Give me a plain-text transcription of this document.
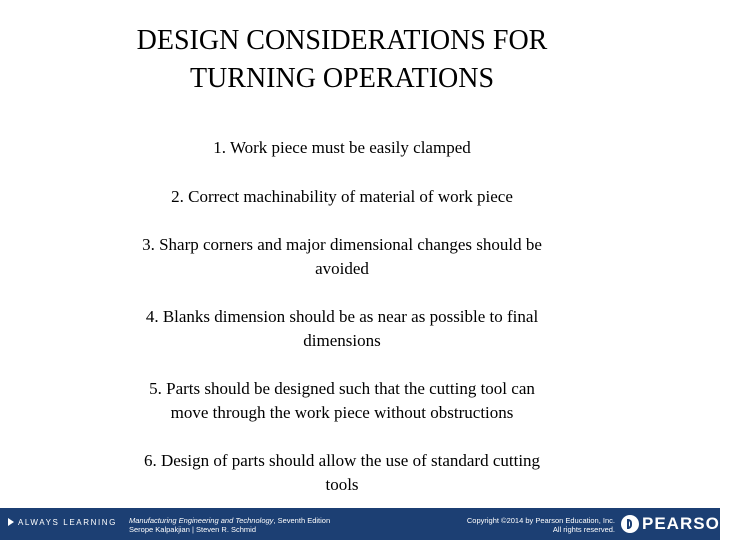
DESIGN CONSIDERATIONS FOR
TURNING OPERATIONS
1. Work piece must be easily clamped
2. Correct machinability of material of work piece
3. Sharp corners and major dimensional changes should be
avoided
4. Blanks dimension should be as near as possible to final
dimensions
5. Parts should be designed such that the cutting tool can
move through the work piece without obstructions
6. Design of parts should allow the use of standard cutting
tools
ALWAYS LEARNING Manufacturing Engineering and Technology, Seventh Edition
Serope Kalpakjian | Steven R. Schmid
Copyright ©2014 by Pearson Education, Inc.
All rights reserved. PEARSON
